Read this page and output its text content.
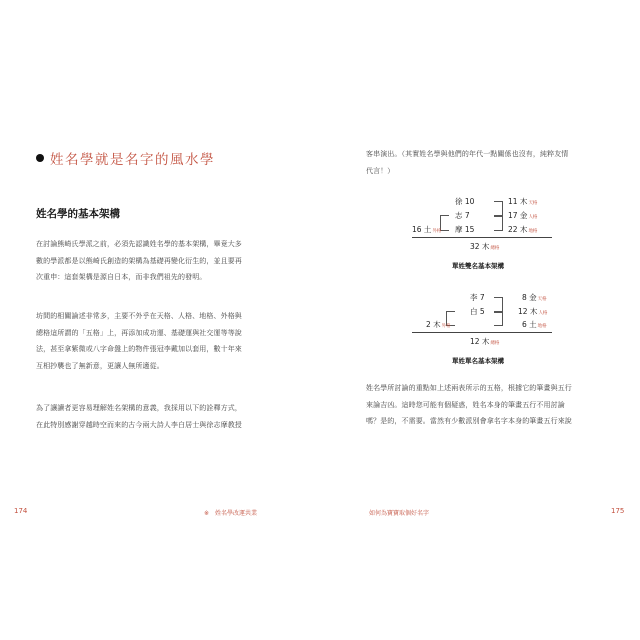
姓名學就是名字的風水學
姓名學的基本架構
在討論熊崎氏學派之前，必須先認識姓名學的基本架構，畢竟大多
數的學派都是以熊崎氏創造的架構為基礎再變化衍生的，並且要再
次重申：這套架構是源自日本，而非我們祖先的發明。
坊間的相關論述非常多，主要不外乎在天格、人格、地格、外格與
總格這所謂的「五格」上，再添加成功運、基礎運與社交運等等說
法，甚至拿紫微或八字命盤上的物件張冠李戴加以套用，數十年來
互相抄襲也了無新意，更讓人無所適從。
為了讓讀者更容易理解姓名架構的意義，我採用以下的詮釋方式，
在此特別感謝穿越時空而來的古今兩大詩人李白居士與徐志摩教授
174	※　姓名學改運共業
客串演出。（其實姓名學與他們的年代一點關係也沒有，純粹友情
代言！）
徐 10
志 7
摩 15
11 木天格
17 金人格
22 木地格
16 土外格
32 木總格
單姓雙名基本架構
李 7
白 5
8 金天格
12 木人格
6 土地格
2 木外格
12 木總格
單姓單名基本架構
姓名學所討論的重點如上述兩表所示的五格，根據它的筆畫與五行
來論吉凶。這時您可能有個疑惑，姓名本身的筆畫五行不用討論
嗎？是的，不需要。當然有少數派別會拿名字本身的筆畫五行來說
如何為寶寶取個好名字	175
